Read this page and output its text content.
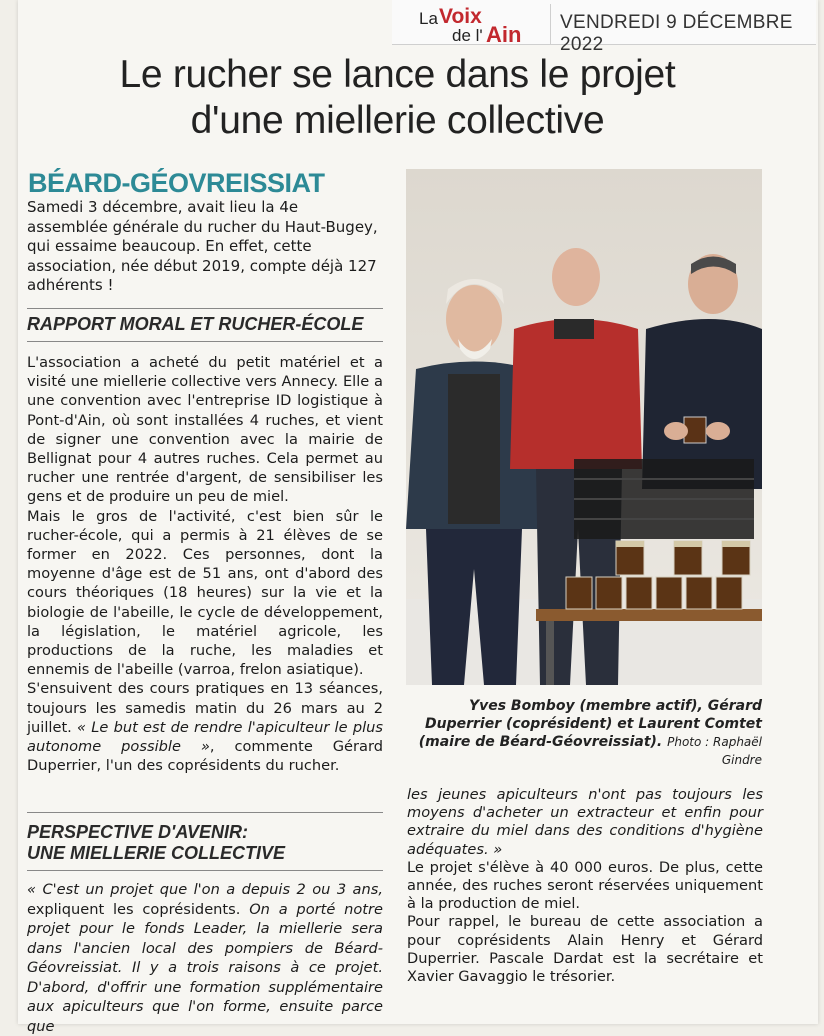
La Voix
de l' Ain VENDREDI 9 DÉCEMBRE 2022
Le rucher se lance dans le projet
d'une miellerie collective
BÉARD-GÉOVREISSIAT
Samedi 3 décembre, avait lieu la 4e assemblée générale du rucher du Haut-Bugey, qui essaime beaucoup. En effet, cette association, née début 2019, compte déjà 127 adhérents !

RAPPORT MORAL ET RUCHER-ÉCOLE

L'association a acheté du petit matériel et a visité une miellerie collective vers Annecy. Elle a une convention avec l'entreprise ID logistique à Pont-d'Ain, où sont installées 4 ruches, et vient de signer une convention avec la mairie de Bellignat pour 4 autres ruches. Cela permet au rucher une rentrée d'argent, de sensibiliser les gens et de produire un peu de miel.

Mais le gros de l'activité, c'est bien sûr le rucher-école, qui a permis à 21 élèves de se former en 2022. Ces personnes, dont la moyenne d'âge est de 51 ans, ont d'abord des cours théoriques (18 heures) sur la vie et la biologie de l'abeille, le cycle de développement, la législation, le matériel agricole, les productions de la ruche, les maladies et ennemis de l'abeille (varroa, frelon asiatique).

S'ensuivent des cours pratiques en 13 séances, toujours les samedis matin du 26 mars au 2 juillet. « Le but est de rendre l'apiculteur le plus autonome possible », commente Gérard Duperrier, l'un des coprésidents du rucher.

PERSPECTIVE D'AVENIR:

UNE MIELLERIE COLLECTIVE

« C'est un projet que l'on a depuis 2 ou 3 ans, expliquent les coprésidents. On a porté notre projet pour le fonds Leader, la miellerie sera dans l'ancien local des pompiers de Béard-Géovreissiat. Il y a trois raisons à ce projet. D'abord, d'offrir une formation supplémentaire aux apiculteurs que l'on forme, ensuite parce que

Yves Bomboy (membre actif), Gérard Duperrier (coprésident) et Laurent Comtet (maire de Béard-Géovreissiat). Photo : Raphaël Gindre

les jeunes apiculteurs n'ont pas toujours les moyens d'acheter un extracteur et enfin pour extraire du miel dans des conditions d'hygiène adéquates. »

Le projet s'élève à 40 000 euros. De plus, cette année, des ruches seront réservées uniquement à la production de miel.

Pour rappel, le bureau de cette association a pour coprésidents Alain Henry et Gérard Duperrier. Pascale Dardat est la secrétaire et Xavier Gavaggio le trésorier.
